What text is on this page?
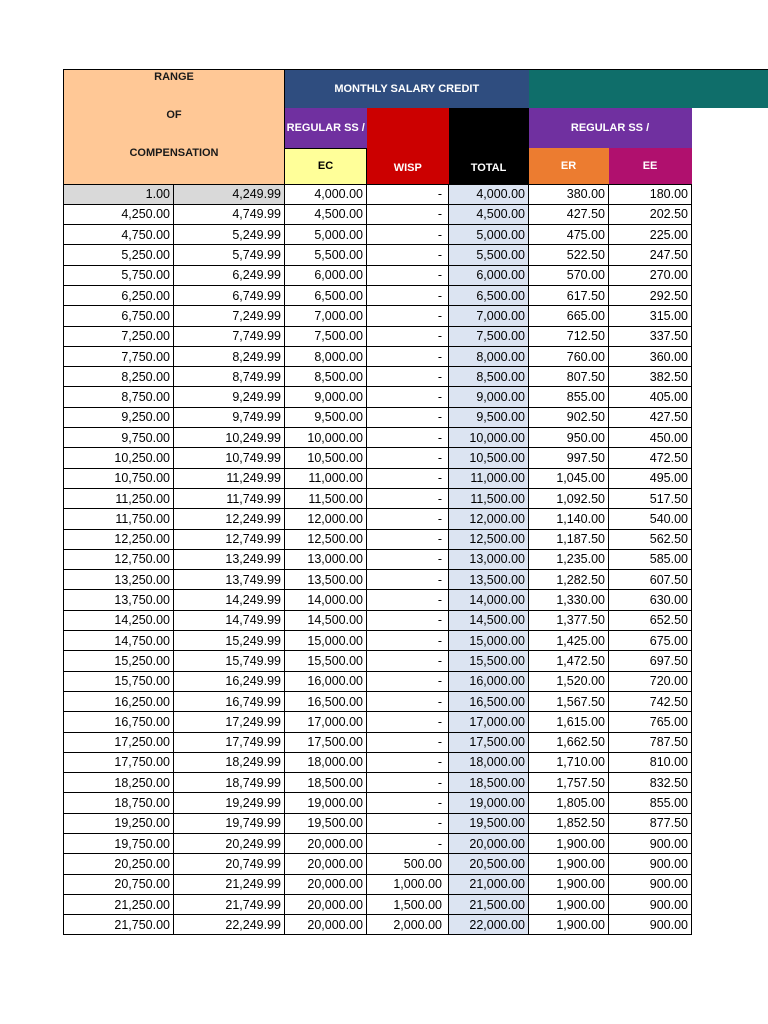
RANGE
OF
COMPENSATION	MONTHLY SALARY CREDIT					
	REGULAR SS /	WISP	TOTAL	REGULAR SS /		
	EC			ER	EE	
1.00	4,249.99	4,000.00	-	4,000.00	380.00	180.00
4,250.00	4,749.99	4,500.00	-	4,500.00	427.50	202.50
4,750.00	5,249.99	5,000.00	-	5,000.00	475.00	225.00
5,250.00	5,749.99	5,500.00	-	5,500.00	522.50	247.50
5,750.00	6,249.99	6,000.00	-	6,000.00	570.00	270.00
6,250.00	6,749.99	6,500.00	-	6,500.00	617.50	292.50
6,750.00	7,249.99	7,000.00	-	7,000.00	665.00	315.00
7,250.00	7,749.99	7,500.00	-	7,500.00	712.50	337.50
7,750.00	8,249.99	8,000.00	-	8,000.00	760.00	360.00
8,250.00	8,749.99	8,500.00	-	8,500.00	807.50	382.50
8,750.00	9,249.99	9,000.00	-	9,000.00	855.00	405.00
9,250.00	9,749.99	9,500.00	-	9,500.00	902.50	427.50
9,750.00	10,249.99	10,000.00	-	10,000.00	950.00	450.00
10,250.00	10,749.99	10,500.00	-	10,500.00	997.50	472.50
10,750.00	11,249.99	11,000.00	-	11,000.00	1,045.00	495.00
11,250.00	11,749.99	11,500.00	-	11,500.00	1,092.50	517.50
11,750.00	12,249.99	12,000.00	-	12,000.00	1,140.00	540.00
12,250.00	12,749.99	12,500.00	-	12,500.00	1,187.50	562.50
12,750.00	13,249.99	13,000.00	-	13,000.00	1,235.00	585.00
13,250.00	13,749.99	13,500.00	-	13,500.00	1,282.50	607.50
13,750.00	14,249.99	14,000.00	-	14,000.00	1,330.00	630.00
14,250.00	14,749.99	14,500.00	-	14,500.00	1,377.50	652.50
14,750.00	15,249.99	15,000.00	-	15,000.00	1,425.00	675.00
15,250.00	15,749.99	15,500.00	-	15,500.00	1,472.50	697.50
15,750.00	16,249.99	16,000.00	-	16,000.00	1,520.00	720.00
16,250.00	16,749.99	16,500.00	-	16,500.00	1,567.50	742.50
16,750.00	17,249.99	17,000.00	-	17,000.00	1,615.00	765.00
17,250.00	17,749.99	17,500.00	-	17,500.00	1,662.50	787.50
17,750.00	18,249.99	18,000.00	-	18,000.00	1,710.00	810.00
18,250.00	18,749.99	18,500.00	-	18,500.00	1,757.50	832.50
18,750.00	19,249.99	19,000.00	-	19,000.00	1,805.00	855.00
19,250.00	19,749.99	19,500.00	-	19,500.00	1,852.50	877.50
19,750.00	20,249.99	20,000.00	-	20,000.00	1,900.00	900.00
20,250.00	20,749.99	20,000.00	500.00	20,500.00	1,900.00	900.00
20,750.00	21,249.99	20,000.00	1,000.00	21,000.00	1,900.00	900.00
21,250.00	21,749.99	20,000.00	1,500.00	21,500.00	1,900.00	900.00
21,750.00	22,249.99	20,000.00	2,000.00	22,000.00	1,900.00	900.00
